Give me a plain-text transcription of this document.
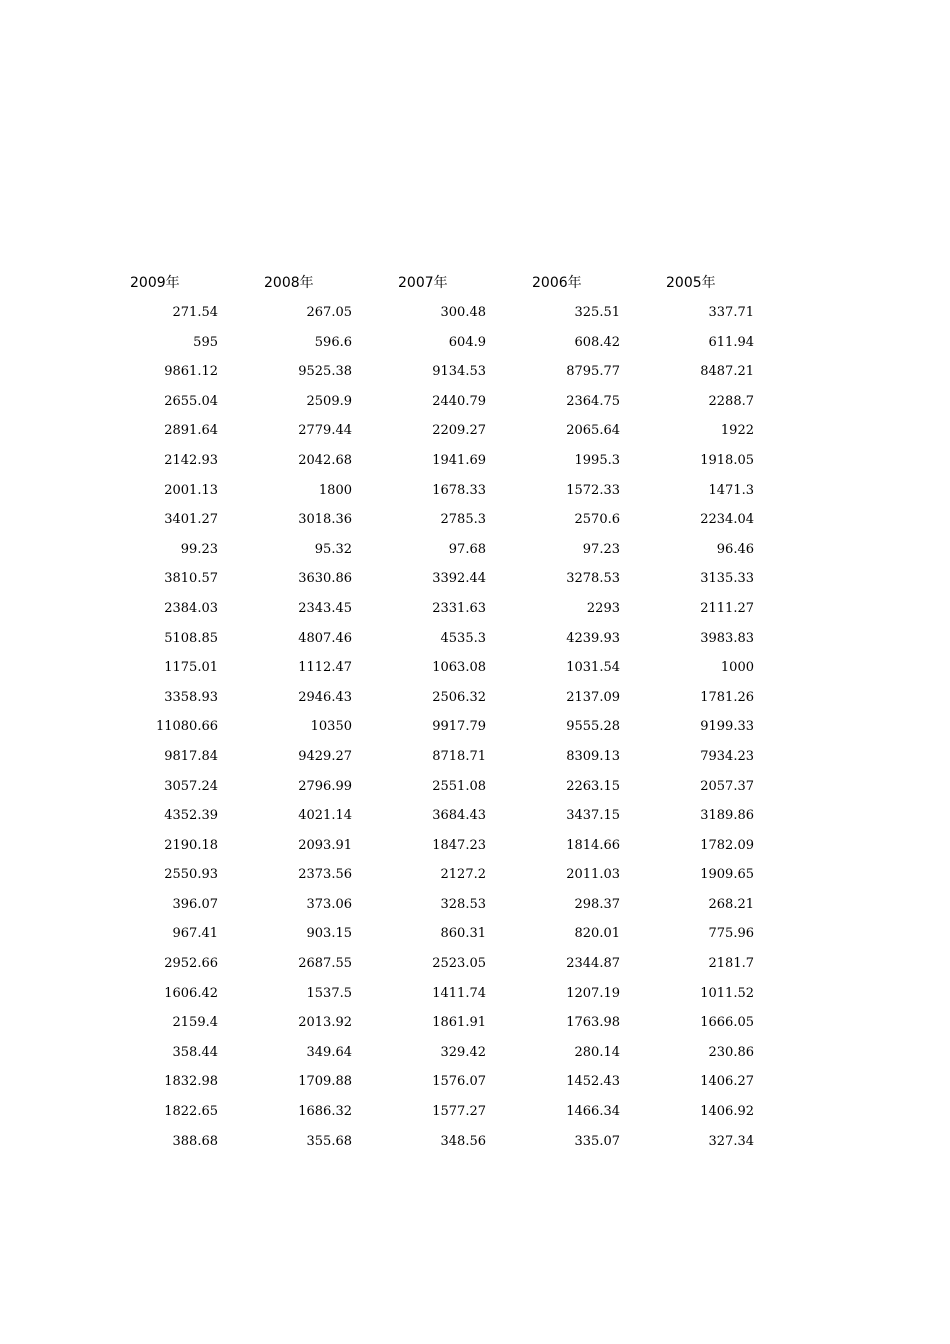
2009年	2008年	2007年	2006年	2005年
271.54	267.05	300.48	325.51	337.71
595	596.6	604.9	608.42	611.94
9861.12	9525.38	9134.53	8795.77	8487.21
2655.04	2509.9	2440.79	2364.75	2288.7
2891.64	2779.44	2209.27	2065.64	1922
2142.93	2042.68	1941.69	1995.3	1918.05
2001.13	1800	1678.33	1572.33	1471.3
3401.27	3018.36	2785.3	2570.6	2234.04
99.23	95.32	97.68	97.23	96.46
3810.57	3630.86	3392.44	3278.53	3135.33
2384.03	2343.45	2331.63	2293	2111.27
5108.85	4807.46	4535.3	4239.93	3983.83
1175.01	1112.47	1063.08	1031.54	1000
3358.93	2946.43	2506.32	2137.09	1781.26
11080.66	10350	9917.79	9555.28	9199.33
9817.84	9429.27	8718.71	8309.13	7934.23
3057.24	2796.99	2551.08	2263.15	2057.37
4352.39	4021.14	3684.43	3437.15	3189.86
2190.18	2093.91	1847.23	1814.66	1782.09
2550.93	2373.56	2127.2	2011.03	1909.65
396.07	373.06	328.53	298.37	268.21
967.41	903.15	860.31	820.01	775.96
2952.66	2687.55	2523.05	2344.87	2181.7
1606.42	1537.5	1411.74	1207.19	1011.52
2159.4	2013.92	1861.91	1763.98	1666.05
358.44	349.64	329.42	280.14	230.86
1832.98	1709.88	1576.07	1452.43	1406.27
1822.65	1686.32	1577.27	1466.34	1406.92
388.68	355.68	348.56	335.07	327.34
